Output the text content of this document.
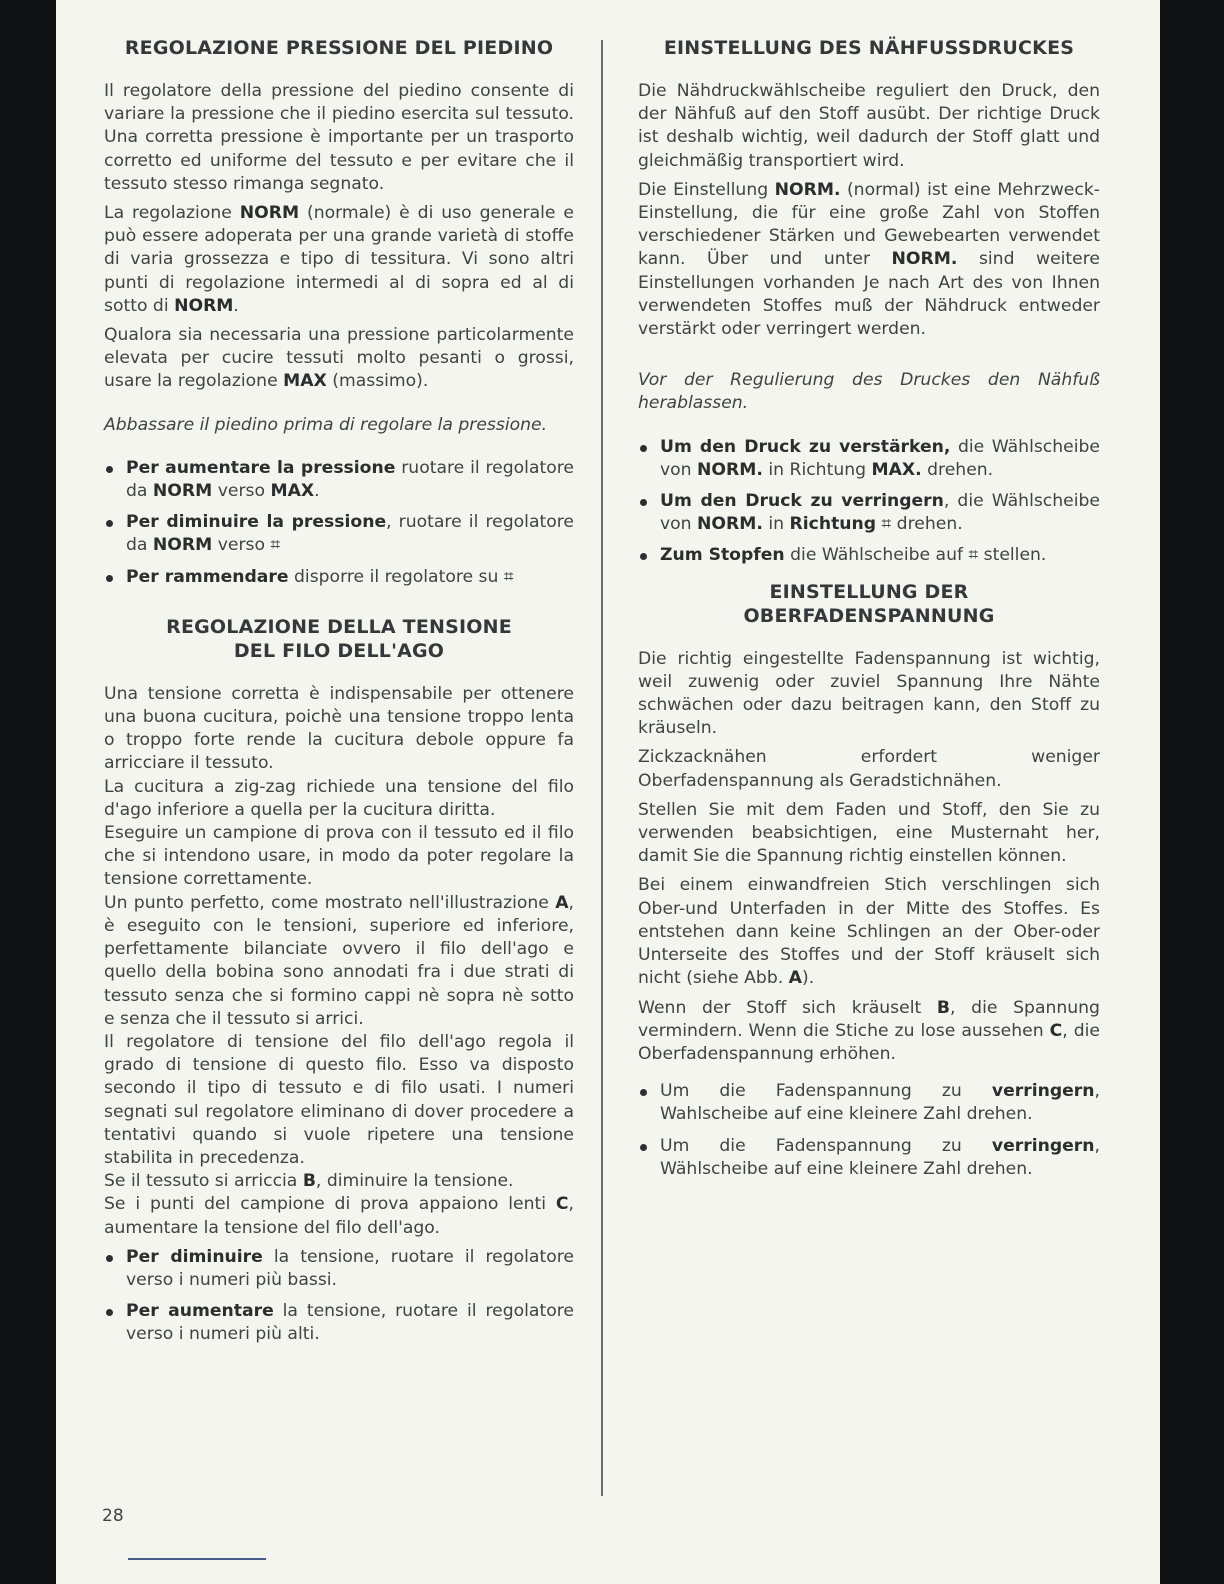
REGOLAZIONE PRESSIONE DEL PIEDINO

Il regolatore della pressione del piedino consente di variare la pressione che il piedino esercita sul tessuto. Una corretta pressione è importante per un trasporto corretto ed uniforme del tessuto e per evitare che il tessuto stesso rimanga segnato.

La regolazione NORM (normale) è di uso generale e può essere adoperata per una grande varietà di stoffe di varia grossezza e tipo di tessitura. Vi sono altri punti di regolazione intermedi al di sopra ed al di sotto di NORM.

Qualora sia necessaria una pressione particolarmente elevata per cucire tessuti molto pesanti o grossi, usare la regolazione MAX (massimo).

Abbassare il piedino prima di regolare la pressione.

Per aumentare la pressione ruotare il regolatore da NORM verso MAX.
Per diminuire la pressione, ruotare il regolatore da NORM verso ⌗
Per rammendare disporre il regolatore su ⌗
REGOLAZIONE DELLA TENSIONE
DEL FILO DELL'AGO

Una tensione corretta è indispensabile per ottenere una buona cucitura, poichè una tensione troppo lenta o troppo forte rende la cucitura debole oppure fa arricciare il tessuto.

La cucitura a zig-zag richiede una tensione del filo d'ago inferiore a quella per la cucitura diritta.

Eseguire un campione di prova con il tessuto ed il filo che si intendono usare, in modo da poter regolare la tensione correttamente.

Un punto perfetto, come mostrato nell'illustrazione A, è eseguito con le tensioni, superiore ed inferiore, perfettamente bilanciate ovvero il filo dell'ago e quello della bobina sono annodati fra i due strati di tessuto senza che si formino cappi nè sopra nè sotto e senza che il tessuto si arrici.

Il regolatore di tensione del filo dell'ago regola il grado di tensione di questo filo. Esso va disposto secondo il tipo di tessuto e di filo usati. I numeri segnati sul regolatore eliminano di dover procedere a tentativi quando si vuole ripetere una tensione stabilita in precedenza.

Se il tessuto si arriccia B, diminuire la tensione.

Se i punti del campione di prova appaiono lenti C, aumentare la tensione del filo dell'ago.

Per diminuire la tensione, ruotare il regolatore verso i numeri più bassi.
Per aumentare la tensione, ruotare il regolatore verso i numeri più alti.
EINSTELLUNG DES NÄHFUSSDRUCKES

Die Nähdruckwählscheibe reguliert den Druck, den der Nähfuß auf den Stoff ausübt. Der richtige Druck ist deshalb wichtig, weil dadurch der Stoff glatt und gleichmäßig transportiert wird.

Die Einstellung NORM. (normal) ist eine Mehrzweck-Einstellung, die für eine große Zahl von Stoffen verschiedener Stärken und Gewebearten verwendet kann. Über und unter NORM. sind weitere Einstellungen vorhanden Je nach Art des von Ihnen verwendeten Stoffes muß der Nähdruck entweder verstärkt oder verringert werden.

Vor der Regulierung des Druckes den Nähfuß herablassen.

Um den Druck zu verstärken, die Wählscheibe von NORM. in Richtung MAX. drehen.
Um den Druck zu verringern, die Wählscheibe von NORM. in Richtung ⌗ drehen.
Zum Stopfen die Wählscheibe auf ⌗ stellen.
EINSTELLUNG DER
OBERFADENSPANNUNG

Die richtig eingestellte Fadenspannung ist wichtig, weil zuwenig oder zuviel Spannung Ihre Nähte schwächen oder dazu beitragen kann, den Stoff zu kräuseln.

Zickzacknähen erfordert weniger Oberfadenspannung als Geradstichnähen.

Stellen Sie mit dem Faden und Stoff, den Sie zu verwenden beabsichtigen, eine Musternaht her, damit Sie die Spannung richtig einstellen können.

Bei einem einwandfreien Stich verschlingen sich Ober-und Unterfaden in der Mitte des Stoffes. Es entstehen dann keine Schlingen an der Ober-oder Unterseite des Stoffes und der Stoff kräuselt sich nicht (siehe Abb. A).

Wenn der Stoff sich kräuselt B, die Spannung vermindern. Wenn die Stiche zu lose aussehen C, die Oberfadenspannung erhöhen.

Um die Fadenspannung zu verringern, Wahlscheibe auf eine kleinere Zahl drehen.
Um die Fadenspannung zu verringern, Wählscheibe auf eine kleinere Zahl drehen.
28
